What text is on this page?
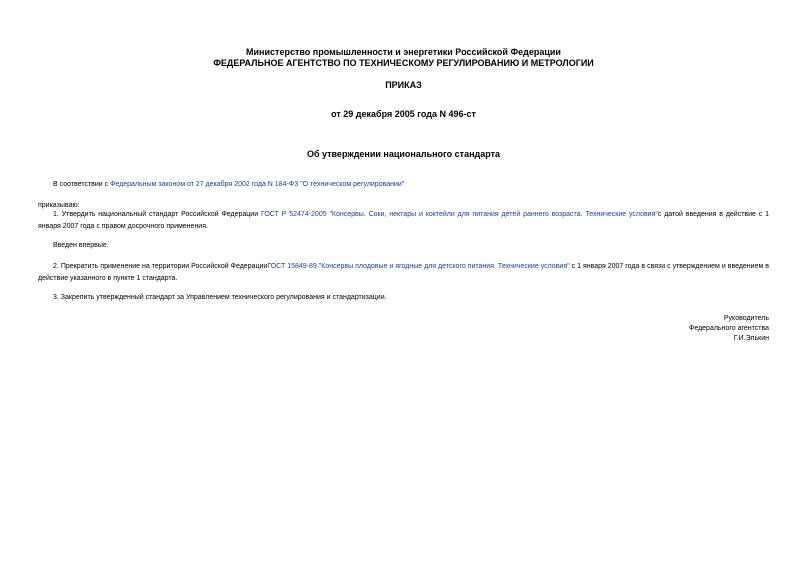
Министерство промышленности и энергетики Российской Федерации
ФЕДЕРАЛЬНОЕ АГЕНТСТВО ПО ТЕХНИЧЕСКОМУ РЕГУЛИРОВАНИЮ И МЕТРОЛОГИИ
ПРИКАЗ
от 29 декабря 2005 года N 496-ст
Об утверждении национального стандарта
В соответствии с Федеральным законом от 27 декабря 2002 года N 184-ФЗ "О техническом регулировании"
приказываю:
1. Утвердить национальный стандарт Российской Федерации ГОСТ Р 52474-2005 "Консервы. Соки, нектары и коктейли для питания детей раннего возраста. Технические условия"с датой введения в действие с 1 января 2007 года с правом досрочного применения.
Введен впервые.
2. Прекратить применение на территории Российской ФедерацииГОСТ 15849-89 "Консервы плодовые и ягодные для детского питания. Технические условия" с 1 января 2007 года в связи с утверждением и введением в действие указанного в пункте 1 стандарта.
3. Закрепить утвержденный стандарт за Управлением технического регулирования и стандартизации.
Руководитель
Федерального агентства
Г.И.Элькин
